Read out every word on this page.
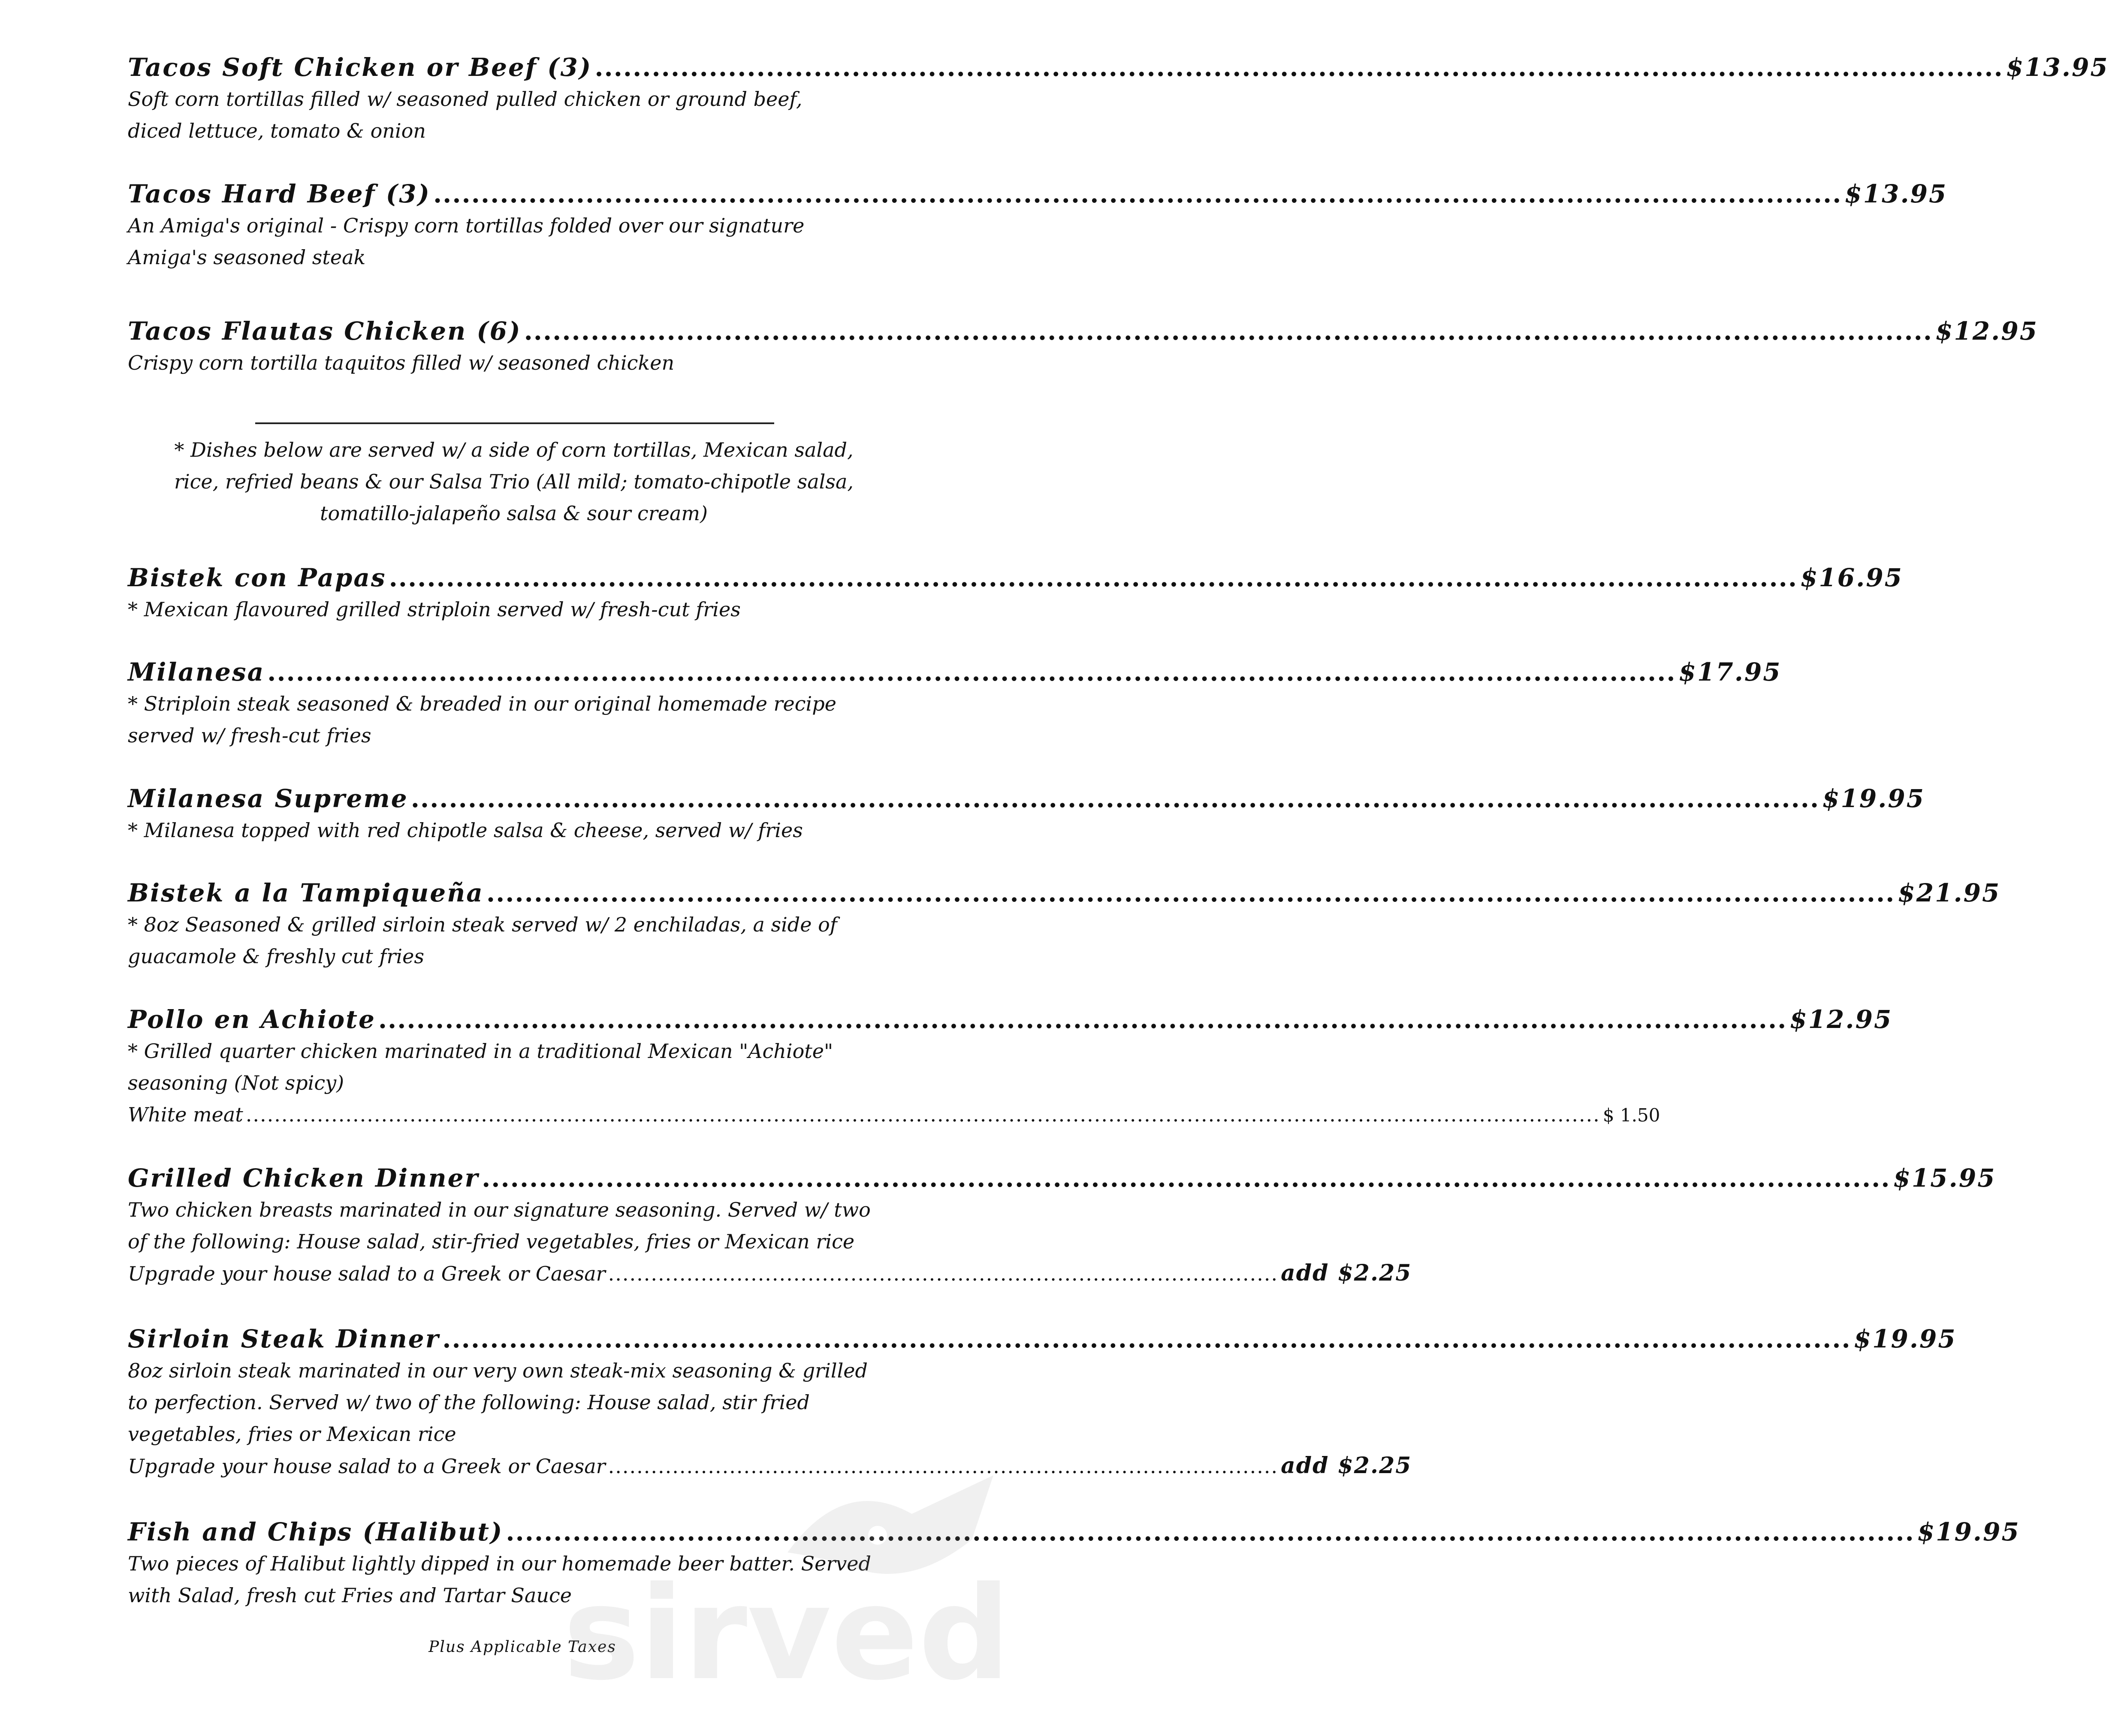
Tacos Soft Chicken or Beef (3) .................................................................................................................................................... $13.95
Soft corn tortillas filled w/ seasoned pulled chicken or ground beef,
diced lettuce, tomato & onion
Tacos Hard Beef (3) .................................................................................................................................................... $13.95
An Amiga's original - Crispy corn tortillas folded over our signature
Amiga's seasoned steak
Tacos Flautas Chicken (6) .................................................................................................................................................... $12.95
Crispy corn tortilla taquitos filled w/ seasoned chicken
* Dishes below are served w/ a side of corn tortillas, Mexican salad,
rice, refried beans & our Salsa Trio (All mild; tomato-chipotle salsa,
tomatillo-jalapeño salsa & sour cream)
Bistek con Papas .................................................................................................................................................... $16.95
* Mexican flavoured grilled striploin served w/ fresh-cut fries
Milanesa .................................................................................................................................................... $17.95
* Striploin steak seasoned & breaded in our original homemade recipe
served w/ fresh-cut fries
Milanesa Supreme .................................................................................................................................................... $19.95
* Milanesa topped with red chipotle salsa & cheese, served w/ fries
Bistek a la Tampiqueña .................................................................................................................................................... $21.95
* 8oz Seasoned & grilled sirloin steak served w/ 2 enchiladas, a side of
guacamole & freshly cut fries
Pollo en Achiote .................................................................................................................................................... $12.95
* Grilled quarter chicken marinated in a traditional Mexican "Achiote"
seasoning (Not spicy)
White meat .............................................................................................................................................................................................. $ 1.50
Grilled Chicken Dinner .................................................................................................................................................... $15.95
Two chicken breasts marinated in our signature seasoning. Served w/ two
of the following: House salad, stir-fried vegetables, fries or Mexican rice
Upgrade your house salad to a Greek or Caesar .............................................................................................. add $2.25
Sirloin Steak Dinner .................................................................................................................................................... $19.95
8oz sirloin steak marinated in our very own steak-mix seasoning & grilled
to perfection. Served w/ two of the following: House salad, stir fried
vegetables, fries or Mexican rice
Upgrade your house salad to a Greek or Caesar .............................................................................................. add $2.25
Fish and Chips (Halibut) .................................................................................................................................................... $19.95
Two pieces of Halibut lightly dipped in our homemade beer batter. Served
with Salad, fresh cut Fries and Tartar Sauce
Plus Applicable Taxes
sirved
